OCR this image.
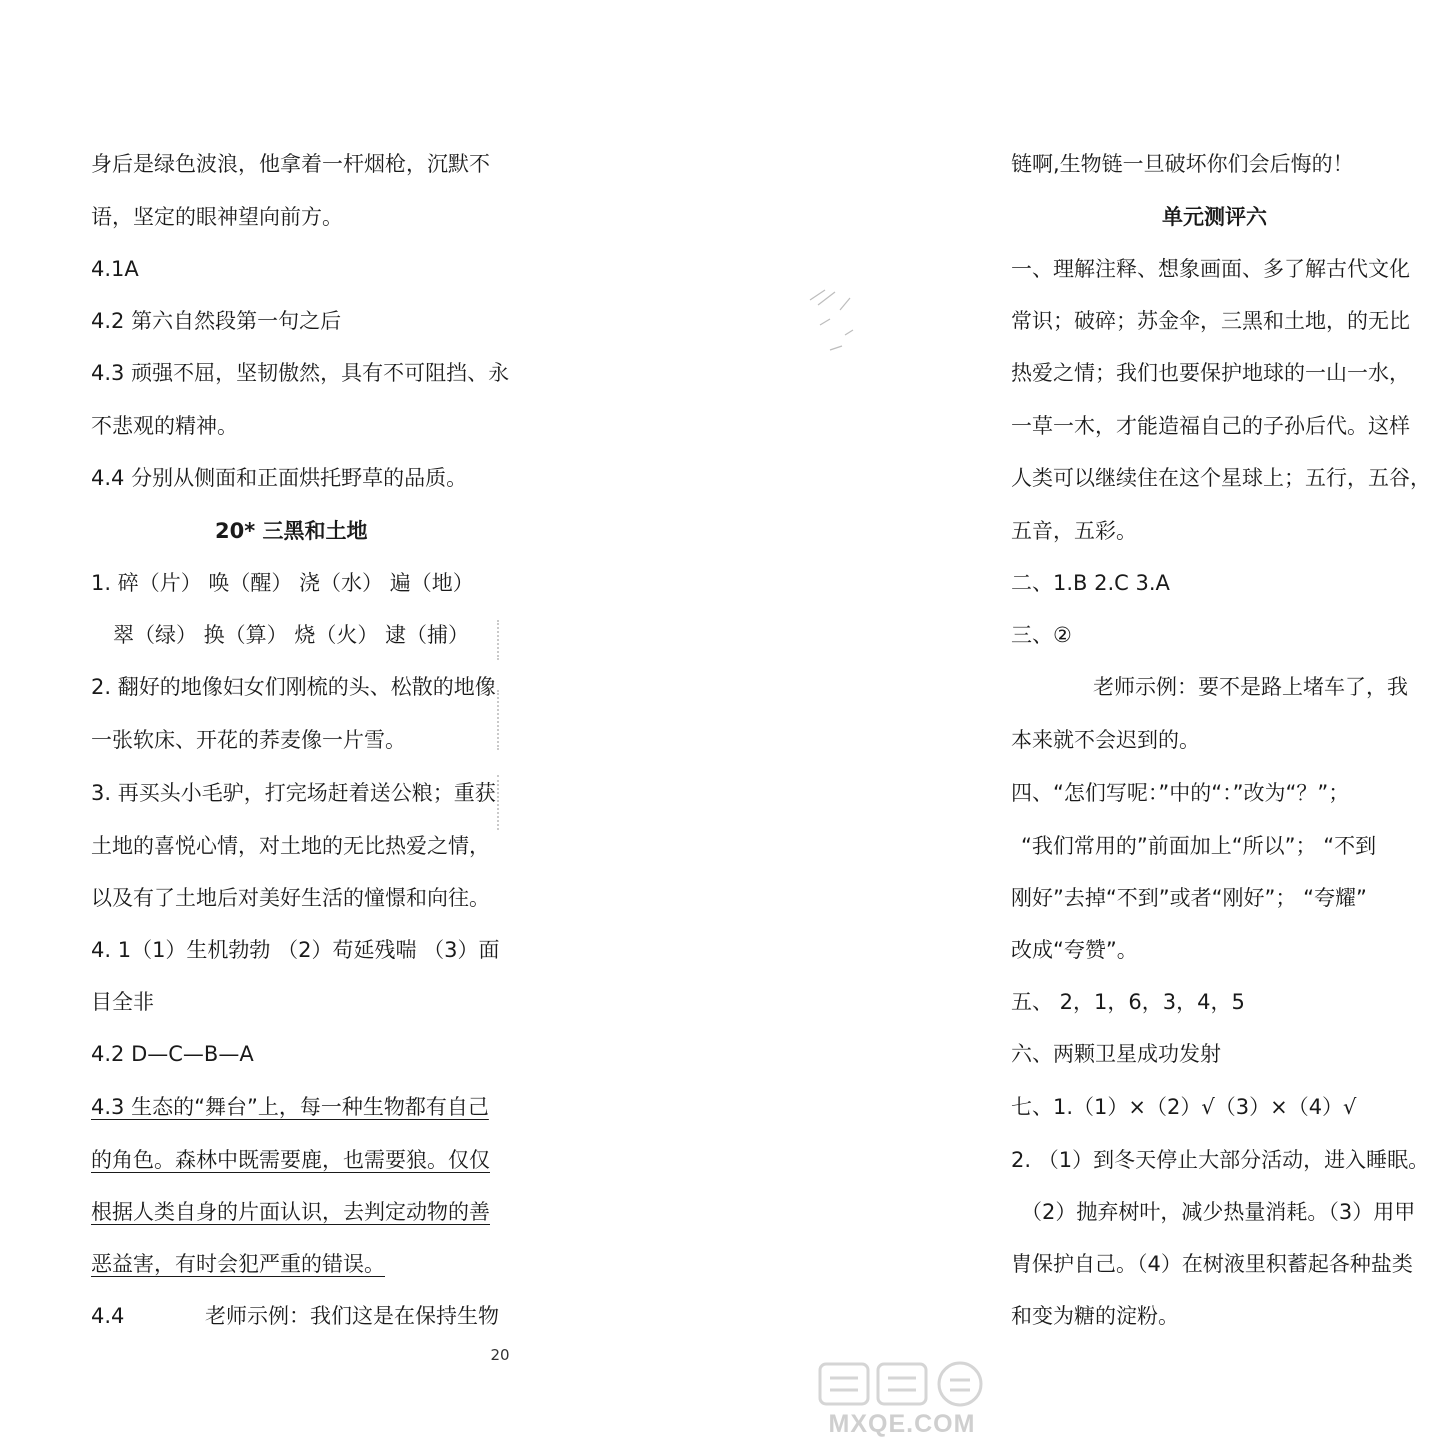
身后是绿色波浪，他拿着一杆烟枪，沉默不
语，坚定的眼神望向前方。
4.1A
4.2 第六自然段第一句之后
4.3 顽强不屈，坚韧傲然，具有不可阻挡、永
不悲观的精神。
4.4 分别从侧面和正面烘托野草的品质。
20* 三黑和土地
1. 碎（片） 唤（醒） 浇（水） 遍（地）
翠（绿） 换（算） 烧（火） 逮（捕）
2. 翻好的地像妇女们刚梳的头、松散的地像
一张软床、开花的荞麦像一片雪。
3. 再买头小毛驴，打完场赶着送公粮；重获
土地的喜悦心情，对土地的无比热爱之情，
以及有了土地后对美好生活的憧憬和向往。
4. 1（1）生机勃勃 （2）苟延残喘 （3）面
目全非
4.2 D—C—B—A
4.3 生态的“舞台”上，每一种生物都有自己
的角色。森林中既需要鹿，也需要狼。仅仅
根据人类自身的片面认识，去判定动物的善
恶益害，有时会犯严重的错误。
4.4	老师示例：我们这是在保持生物
链啊,生物链一旦破坏你们会后悔的！
单元测评六
一、理解注释、想象画面、多了解古代文化
常识；破碎；苏金伞，三黑和土地，的无比
热爱之情；我们也要保护地球的一山一水，
一草一木，才能造福自己的子孙后代。这样
人类可以继续住在这个星球上；五行，五谷，
五音，五彩。
二、1.B 2.C 3.A
三、②
老师示例：要不是路上堵车了，我
本来就不会迟到的。
四、“怎们写呢：”中的“：”改为“？”；
“我们常用的”前面加上“所以”； “不到
刚好”去掉“不到”或者“刚好”； “夸耀”
改成“夸赞”。
五、 2，1，6，3，4，5
六、两颗卫星成功发射
七、1.（1）×（2）√（3）×（4）√
2. （1）到冬天停止大部分活动，进入睡眠。
（2）抛弃树叶，减少热量消耗。（3）用甲
胄保护自己。（4）在树液里积蓄起各种盐类
和变为糖的淀粉。
20
MXQE.COM
